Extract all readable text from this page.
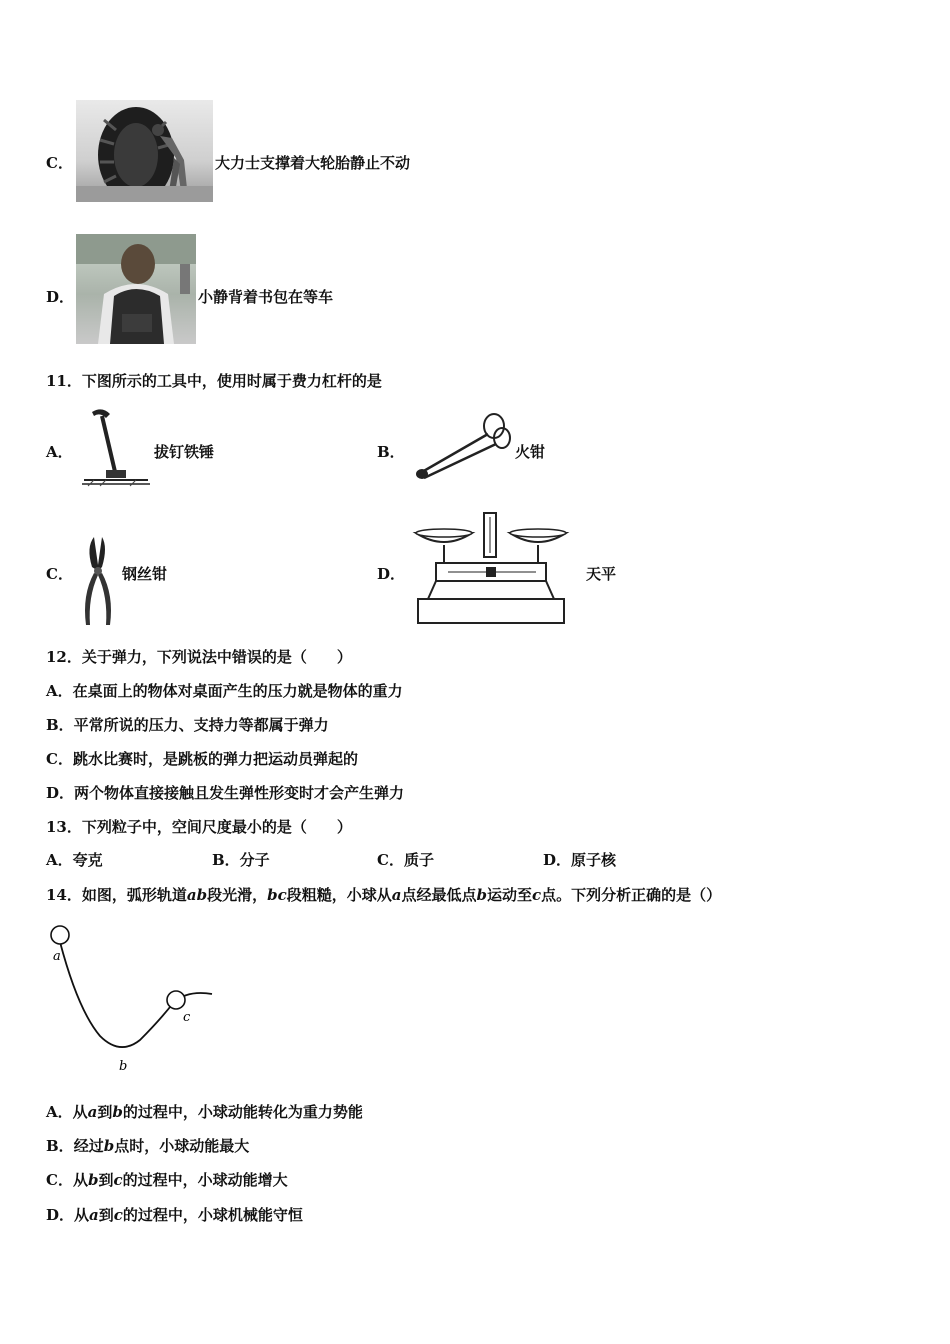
C．	大力士支撑着大轮胎静止不动
D．	小静背着书包在等车
11．下图所示的工具中，使用时属于费力杠杆的是
A．	拔钉铁锤	B．	火钳
C．	钢丝钳	D．	天平
12．关于弹力，下列说法中错误的是（　　）
A．在桌面上的物体对桌面产生的压力就是物体的重力
B．平常所说的压力、支持力等都属于弹力
C．跳水比赛时，是跳板的弹力把运动员弹起的
D．两个物体直接接触且发生弹性形变时才会产生弹力
13．下列粒子中，空间尺度最小的是（　　）
A．夸克	B．分子	C．质子	D．原子核
14．如图，弧形轨道ab段光滑，bc段粗糙，小球从a点经最低点b运动至c点。下列分析正确的是（）
a
b
c
A．从a到b的过程中，小球动能转化为重力势能
B．经过b点时，小球动能最大
C．从b到c的过程中，小球动能增大
D．从a到c的过程中，小球机械能守恒
